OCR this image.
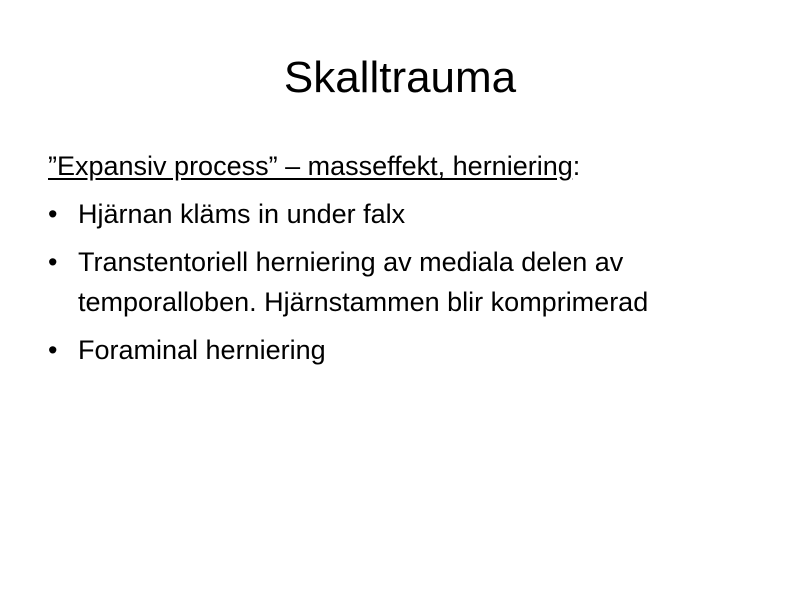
Skalltrauma

”Expansiv process” – masseffekt, herniering:

• Hjärnan kläms in under falx
• Transtentoriell herniering av mediala delen av temporalloben. Hjärnstammen blir komprimerad
• Foraminal herniering
